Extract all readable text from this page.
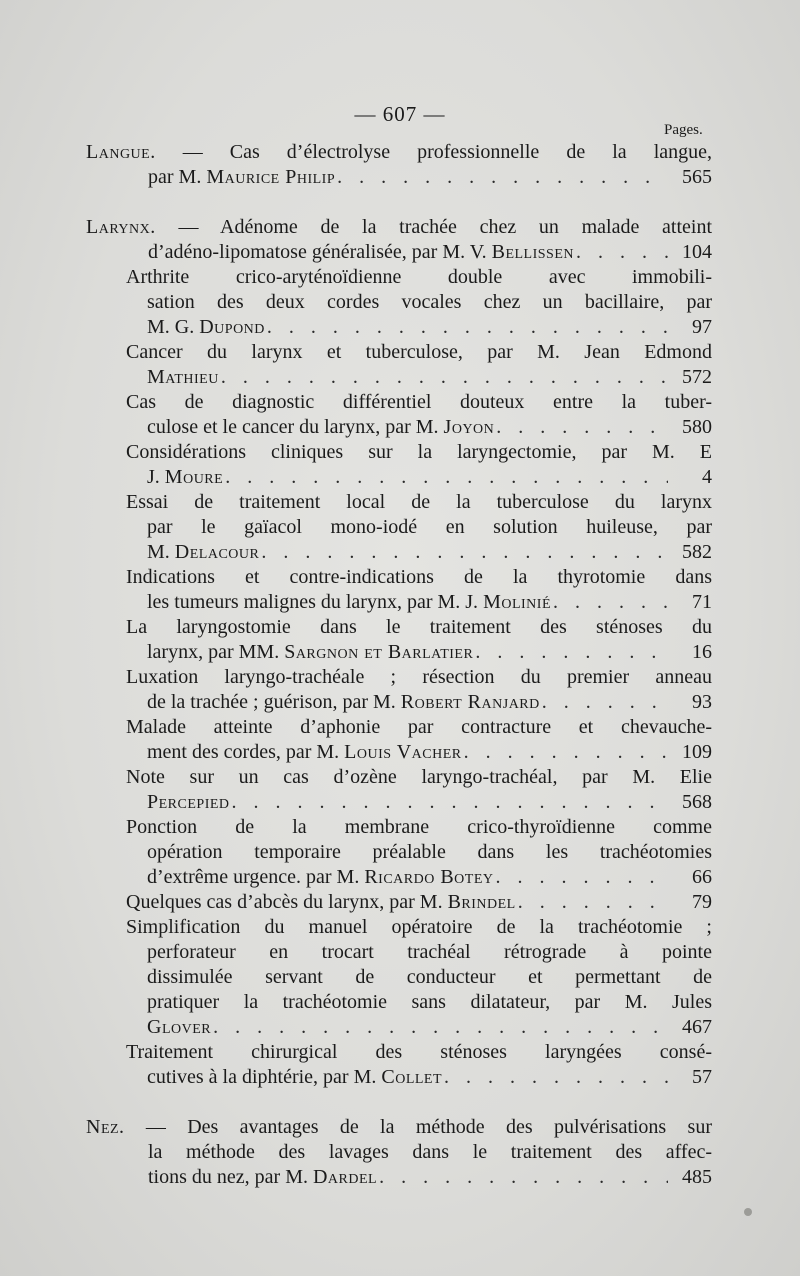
— 607 —
Pages.
Langue. — Cas d’électrolyse professionnelle de la langue,
par M. Maurice Philip . . .	565
Larynx. — Adénome de la trachée chez un malade atteint
d’adéno-lipomatose généralisée, par M. V. Bellissen . . .	104
Arthrite crico-aryténoïdienne double avec immobili-
sation des deux cordes vocales chez un bacillaire, par
M. G. Dupond . . .	97
Cancer du larynx et tuberculose, par M. Jean Edmond
Mathieu . . .	572
Cas de diagnostic différentiel douteux entre la tuber-
culose et le cancer du larynx, par M. Joyon . . .	580
Considérations cliniques sur la laryngectomie, par M. E
J. Moure . . .	4
Essai de traitement local de la tuberculose du larynx
par le gaïacol mono-iodé en solution huileuse, par
M. Delacour . . .	582
Indications et contre-indications de la thyrotomie dans
les tumeurs malignes du larynx, par M. J. Molinié . . .	71
La laryngostomie dans le traitement des sténoses du
larynx, par MM. Sargnon et Barlatier . . .	16
Luxation laryngo-trachéale ; résection du premier anneau
de la trachée ; guérison, par M. Robert Ranjard . . .	93
Malade atteinte d’aphonie par contracture et chevauche-
ment des cordes, par M. Louis Vacher . . .	109
Note sur un cas d’ozène laryngo-trachéal, par M. Elie
Percepied . . .	568
Ponction de la membrane crico-thyroïdienne comme
opération temporaire préalable dans les trachéotomies
d’extrême urgence. par M. Ricardo Botey . . .	66
Quelques cas d’abcès du larynx, par M. Brindel . . .	79
Simplification du manuel opératoire de la trachéotomie ;
perforateur en trocart trachéal rétrograde à pointe
dissimulée servant de conducteur et permettant de
pratiquer la trachéotomie sans dilatateur, par M. Jules
Glover . . .	467
Traitement chirurgical des sténoses laryngées consé-
cutives à la diphtérie, par M. Collet . . .	57
Nez. — Des avantages de la méthode des pulvérisations sur
la méthode des lavages dans le traitement des affec-
tions du nez, par M. Dardel . . .	485
